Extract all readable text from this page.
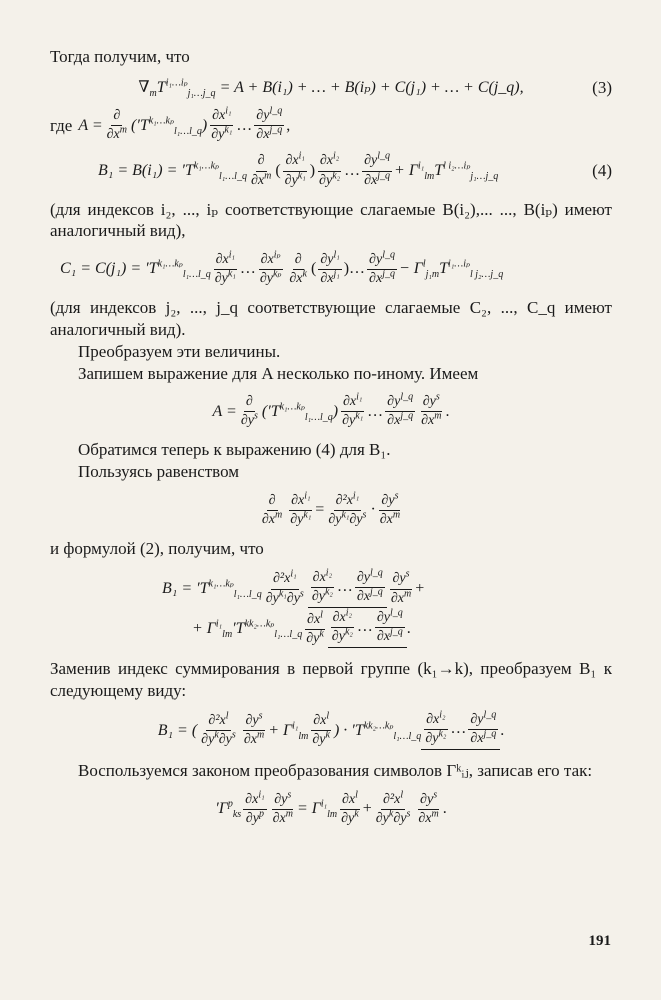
Тогда получим, что

$\nabla_mT^{i_1\dots i_p}_{j_1\dots j\_q} = A + B(i_1)$ + … + B(iₚ) + C(j₁) + … + C(j_q),	(3)
где $A = \frac{\partial}{\partial x^m} ('T^{k_1\dots k_p}_{l_1\dots l\_q}) \frac{\partial x^{i_1}}{\partial y^{k_1}}$ … $\frac{\partial y^{l\_q}}{\partial x^{j\_q}}$ ,
$B_1 = B(i_1) = 'T^{k_1\dots k_p}_{l_1\dots l\_q} \frac{\partial}{\partial x^m}$ ( $\frac{\partial x^{i_1}}{\partial y^{k_1}}$ ) $\frac{\partial x^{i_2}}{\partial y^{k_2}}$ … $\frac{\partial y^{l\_q}}{\partial x^{j\_q}} + \Gamma^{i_1}_{lm}T^{l i_2\dots i_p}_{j_1\dots j\_q}$	(4)

(для индексов i₂, ..., iₚ соответствующие слагаемые B(i₂),... ..., B(iₚ) имеют аналогичный вид),

$C_1 = C(j_1) = 'T^{k_1\dots k_p}_{l_1\dots l\_q} \frac{\partial x^{i_1}}{\partial y^{k_1}}$ … $\frac{\partial x^{i_p}}{\partial y^{k_p}} \frac{\partial}{\partial x^k}$ ( $\frac{\partial y^{l_1}}{\partial x^{j_1}}$ ) … $\frac{\partial y^{l\_q}}{\partial x^{j\_q}} - \Gamma^l_{j_1m}T^{i_1\dots i_p}_{l j_2\dots j\_q}$

(для индексов j₂, ..., j_q соответствующие слагаемые C₂, ..., C_q имеют аналогичный вид).

Преобразуем эти величины.

Запишем выражение для A несколько по-иному. Имеем

$A = \frac{\partial}{\partial y^s} ('T^{k_1\dots k_p}_{l_1\dots l\_q}) \frac{\partial x^{i_1}}{\partial y^{k_1}}$ … $\frac{\partial y^{l\_q}}{\partial x^{j\_q}} \frac{\partial y^s}{\partial x^m}$ .

Обратимся теперь к выражению (4) для B₁.

Пользуясь равенством

$\frac{\partial}{\partial x^m} \frac{\partial x^{i_1}}{\partial y^{k_1}} = \frac{\partial^2x^{i_1}}{\partial y^{k_1}\partial y^s} \cdot \frac{\partial y^s}{\partial x^m}$

и формулой (2), получим, что

$B_1 = 'T^{k_1\dots k_p}_{l_1\dots l\_q} \frac{\partial^2x^{i_1}}{\partial y^{k_1}\partial y^s} \frac{\partial x^{i_2}}{\partial y^{k_2}}$ … $\frac{\partial y^{l\_q}}{\partial x^{j\_q}} \frac{\partial y^s}{\partial x^m}$ +
+ $\Gamma^{i_1}_{lm}'T^{kk_2\dots k_p}_{l_1\dots l\_q} \frac{\partial x^l}{\partial y^k} \frac{\partial x^{i_2}}{\partial y^{k_2}}$ … $\frac{\partial y^{l\_q}}{\partial x^{j\_q}}$ .

Заменив индекс суммирования в первой группе (k₁→k), преобразуем B₁ к следующему виду:

B₁ = ( $\frac{\partial^2x^l}{\partial y^k\partial y^s} \frac{\partial y^s}{\partial x^m} + \Gamma^{i_1}_{lm} \frac{\partial x^l}{\partial y^k}$ ) · $'T^{kk_2\dots k_p}_{l_1\dots l\_q} \frac{\partial x^{i_2}}{\partial y^{k_2}}$ … $\frac{\partial y^{l\_q}}{\partial x^{j\_q}}$ .

Воспользуемся законом преобразования символов Γᵏᵢⱼ, записав его так:

$'\Gamma^p_{ks} \frac{\partial x^{i_1}}{\partial y^p} \frac{\partial y^s}{\partial x^m} = \Gamma^{i_1}_{lm} \frac{\partial x^l}{\partial y^k} + \frac{\partial^2x^l}{\partial y^k\partial y^s} \frac{\partial y^s}{\partial x^m}$ .
191
